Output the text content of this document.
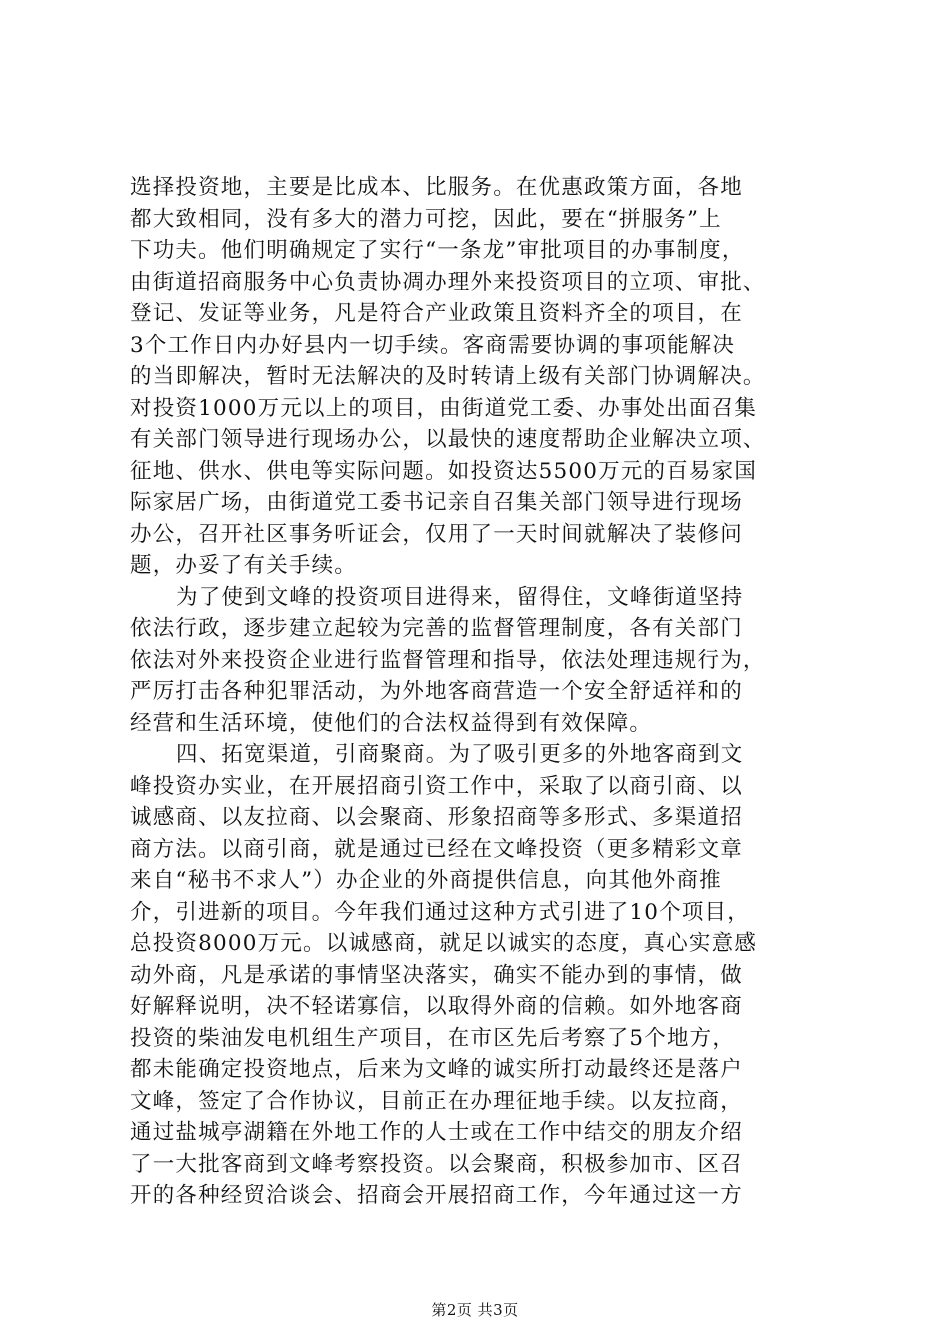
选择投资地，主要是比成本、比服务。在优惠政策方面，各地
都大致相同，没有多大的潜力可挖，因此，要在“拼服务”上
下功夫。他们明确规定了实行“一条龙”审批项目的办事制度，
由街道招商服务中心负责协凋办理外来投资项目的立项、审批、
登记、发证等业务，凡是符合产业政策且资料齐全的项目，在
3个工作日内办好县内一切手续。客商需要协调的事项能解决
的当即解决，暂时无法解决的及时转请上级有关部门协调解决。
对投资1000万元以上的项目，由街道党工委、办事处出面召集
有关部门领导进行现场办公，以最快的速度帮助企业解决立项、
征地、供水、供电等实际问题。如投资达5500万元的百易家国
际家居广场，由街道党工委书记亲自召集关部门领导进行现场
办公，召开社区事务听证会，仅用了一天时间就解决了装修问
题，办妥了有关手续。
为了使到文峰的投资项目进得来，留得住，文峰街道坚持
依法行政，逐步建立起较为完善的监督管理制度，各有关部门
依法对外来投资企业进行监督管理和指导，依法处理违规行为，
严厉打击各种犯罪活动，为外地客商营造一个安全舒适祥和的
经营和生活环境，使他们的合法权益得到有效保障。
四、拓宽渠道，引商聚商。为了吸引更多的外地客商到文
峰投资办实业，在开展招商引资工作中，采取了以商引商、以
诚感商、以友拉商、以会聚商、形象招商等多形式、多渠道招
商方法。以商引商，就是通过已经在文峰投资（更多精彩文章
来自“秘书不求人”）办企业的外商提供信息，向其他外商推
介，引进新的项目。今年我们通过这种方式引进了10个项目，
总投资8000万元。以诚感商，就足以诚实的态度，真心实意感
动外商，凡是承诺的事情坚决落实，确实不能办到的事情，做
好解释说明，决不轻诺寡信，以取得外商的信赖。如外地客商
投资的柴油发电机组生产项目，在市区先后考察了5个地方，
都未能确定投资地点，后来为文峰的诚实所打动最终还是落户
文峰，签定了合作协议，目前正在办理征地手续。以友拉商，
通过盐城亭湖籍在外地工作的人士或在工作中结交的朋友介绍
了一大批客商到文峰考察投资。以会聚商，积极参加市、区召
开的各种经贸洽谈会、招商会开展招商工作，今年通过这一方
第2页 共3页
